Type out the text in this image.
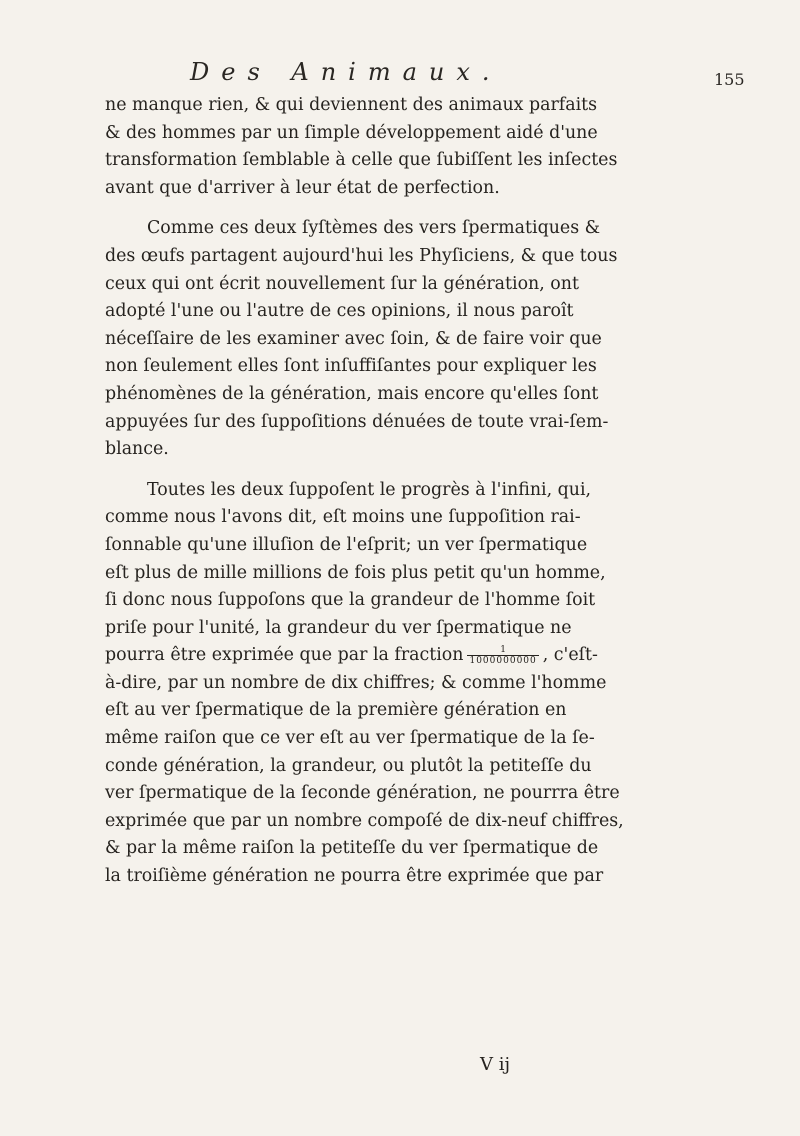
Des Animaux.	155
ne manque rien, & qui deviennent des animaux parfaits
& des hommes par un ſimple développement aidé d'une
transformation ſemblable à celle que ſubiſſent les inſectes
avant que d'arriver à leur état de perfection.
Comme ces deux ſyſtèmes des vers ſpermatiques &
des œufs partagent aujourd'hui les Phyſiciens, & que tous
ceux qui ont écrit nouvellement ſur la génération, ont
adopté l'une ou l'autre de ces opinions, il nous paroît
néceſſaire de les examiner avec ſoin, & de faire voir que
non ſeulement elles ſont inſuffiſantes pour expliquer les
phénomènes de la génération, mais encore qu'elles ſont
appuyées ſur des ſuppoſitions dénuées de toute vrai-ſem-
blance.
Toutes les deux ſuppoſent le progrès à l'infini, qui,
comme nous l'avons dit, eſt moins une ſuppoſition rai-
ſonnable qu'une illuſion de l'eſprit; un ver ſpermatique
eſt plus de mille millions de fois plus petit qu'un homme,
ſi donc nous ſuppoſons que la grandeur de l'homme ſoit
priſe pour l'unité, la grandeur du ver ſpermatique ne
pourra être exprimée que par la fraction $\frac{1}{1000000000}$ , c'eſt-
à-dire, par un nombre de dix chiffres; & comme l'homme
eſt au ver ſpermatique de la première génération en
même raiſon que ce ver eſt au ver ſpermatique de la ſe-
conde génération, la grandeur, ou plutôt la petiteſſe du
ver ſpermatique de la ſeconde génération, ne pourrra être
exprimée que par un nombre compoſé de dix-neuf chiffres,
& par la même raiſon la petiteſſe du ver ſpermatique de
la troiſième génération ne pourra être exprimée que par
V ij
